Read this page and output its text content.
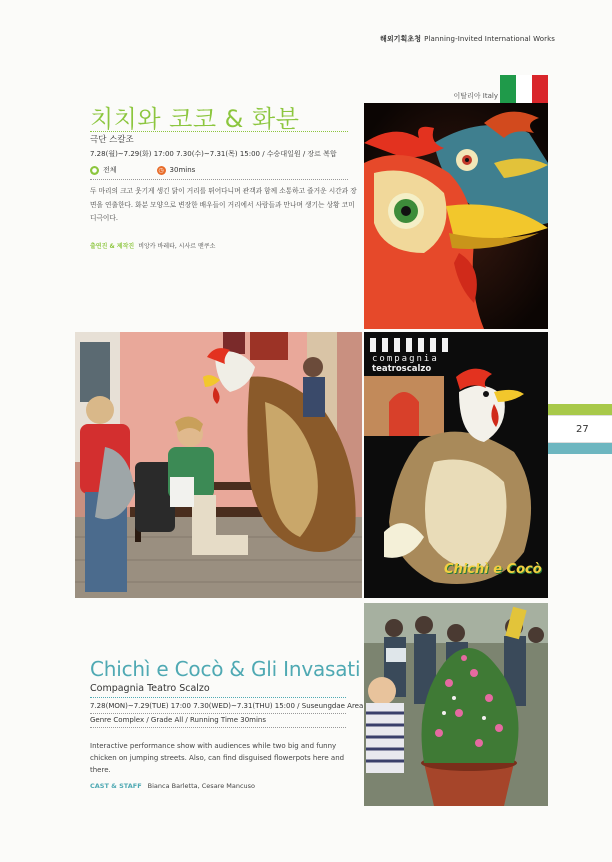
해외기획초청 Planning-Invited International Works
이탈리아 Italy
치치와 코코 & 화분
극단 스칼조
7.28(월)~7.29(화) 17:00 7.30(수)~7.31(목) 15:00 / 수승대일원 / 장르 복합
● 전체	◷ 30mins
두 마리의 크고 웃기게 생긴 닭이 거리를 뛰어다니며 관객과 함께 소통하고 즐거운 시간과 장면을 연출한다. 화분 모양으로 변장한 배우들이 거리에서 사람들과 만나며 생기는 상황 코미디극이다.
출연진 & 제작진 비앙카 바레타, 시사르 맨쿠소
compagnia
teatroscalzo
Chichì e Cocò
Chichì e Cocò & Gli Invasati
Compagnia Teatro Scalzo
7.28(MON)~7.29(TUE) 17:00 7.30(WED)~7.31(THU) 15:00 / Suseungdae Area
Genre Complex / Grade All / Running Time 30mins
Interactive performance show with audiences while two big and funny chicken on jumping streets. Also, can find disguised flowerpots here and there.
CAST & STAFF Bianca Barletta, Cesare Mancuso
27
